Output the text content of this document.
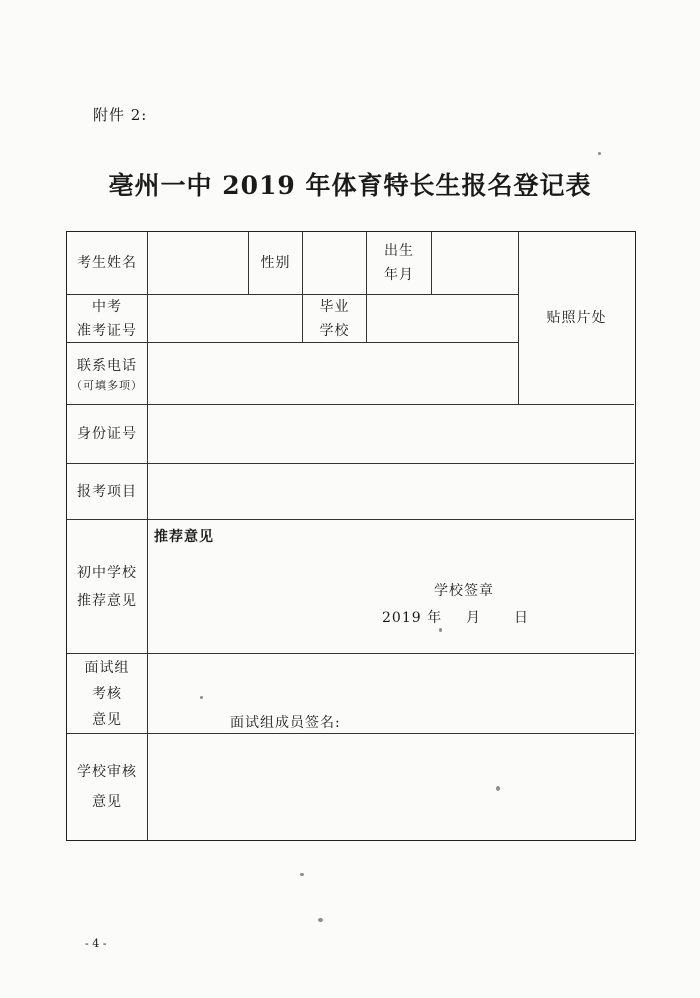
附件 2:
亳州一中 2019 年体育特长生报名登记表
考生姓名	性别
出生
年月
贴照片处
中考
准考证号
毕业
学校
联系电话
（可填多项）
身份证号
报考项目
初中学校
推荐意见
推荐意见
学校签章
2019 年 月 日
面试组
考核
意见	面试组成员签名:
学校审核
意见
- 4 -
